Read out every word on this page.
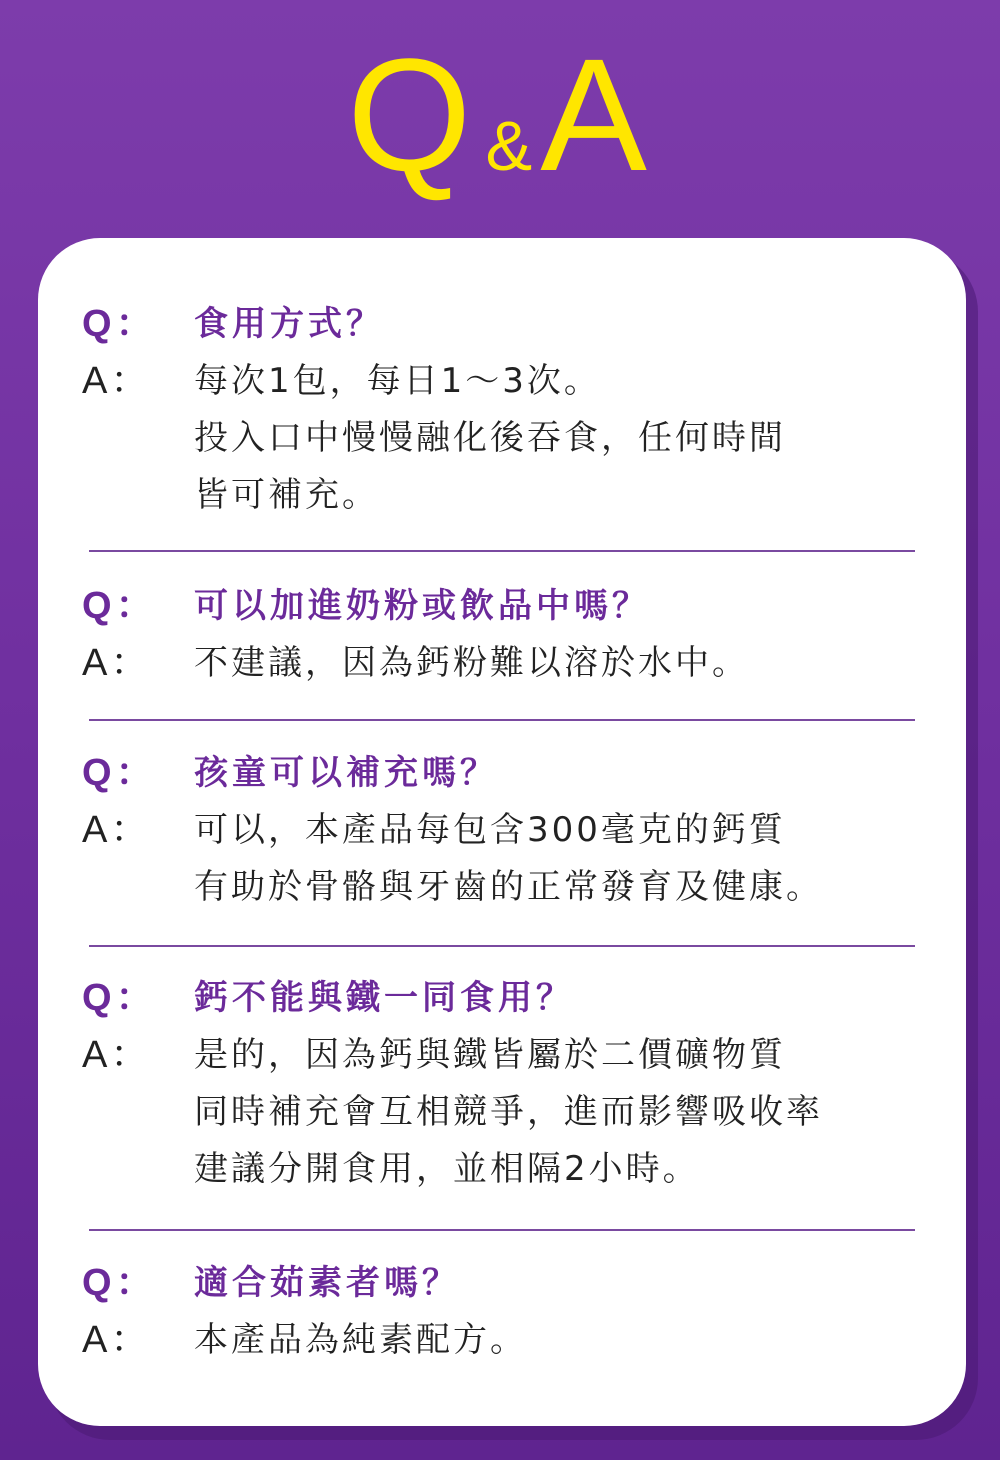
Q &A
Q：	食用方式？
A：	每次1包，每日1～3次。
投入口中慢慢融化後吞食，任何時間
皆可補充。
Q：	可以加進奶粉或飲品中嗎？
A：	不建議，因為鈣粉難以溶於水中。
Q：	孩童可以補充嗎？
A：	可以，本產品每包含300毫克的鈣質
有助於骨骼與牙齒的正常發育及健康。
Q：	鈣不能與鐵一同食用？
A：	是的，因為鈣與鐵皆屬於二價礦物質
同時補充會互相競爭，進而影響吸收率
建議分開食用，並相隔2小時。
Q：	適合茹素者嗎？
A：	本產品為純素配方。
